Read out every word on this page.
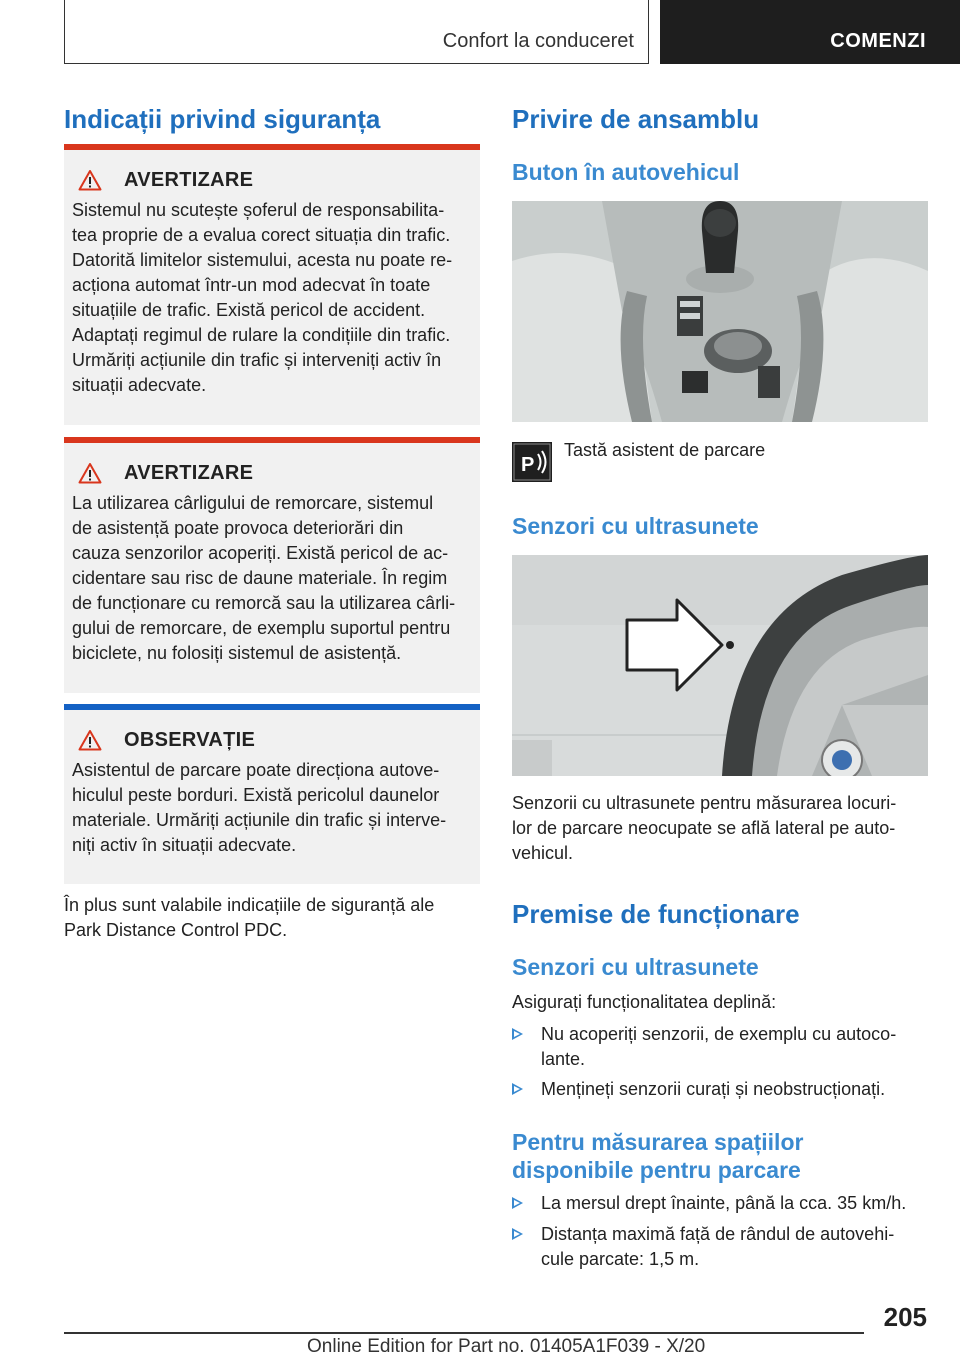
Confort la conduceret	COMENZI
Indicații privind siguranța
AVERTIZARE

Sistemul nu scutește șoferul de responsabilita-
tea proprie de a evalua corect situația din trafic.
Datorită limitelor sistemului, acesta nu poate re-
acționa automat într-un mod adecvat în toate
situațiile de trafic. Există pericol de accident.
Adaptați regimul de rulare la condițiile din trafic.
Urmăriți acțiunile din trafic și interveniți activ în
situații adecvate.

AVERTIZARE

La utilizarea cârligului de remorcare, sistemul
de asistență poate provoca deteriorări din
cauza senzorilor acoperiți. Există pericol de ac-
cidentare sau risc de daune materiale. În regim
de funcționare cu remorcă sau la utilizarea cârli-
gului de remorcare, de exemplu suportul pentru
biciclete, nu folosiți sistemul de asistență.

OBSERVAȚIE

Asistentul de parcare poate direcționa autove-
hiculul peste borduri. Există pericolul daunelor
materiale. Urmăriți acțiunile din trafic și interve-
niți activ în situații adecvate.

În plus sunt valabile indicațiile de siguranță ale
Park Distance Control PDC.
Privire de ansamblu
Buton în autovehicul
P
Tastă asistent de parcare
Senzori cu ultrasunete
Senzorii cu ultrasunete pentru măsurarea locuri-
lor de parcare neocupate se află lateral pe auto-
vehicul.
Premise de funcționare
Senzori cu ultrasunete
Asigurați funcționalitatea deplină:
Nu acoperiți senzorii, de exemplu cu autoco-
lante.
Mențineți senzorii curați și neobstrucționați.
Pentru măsurarea spațiilor
disponibile pentru parcare
La mersul drept înainte, până la cca. 35 km/h.
Distanța maximă față de rândul de autovehi-
cule parcate: 1,5 m.
205
Online Edition for Part no. 01405A1F039 - X/20
